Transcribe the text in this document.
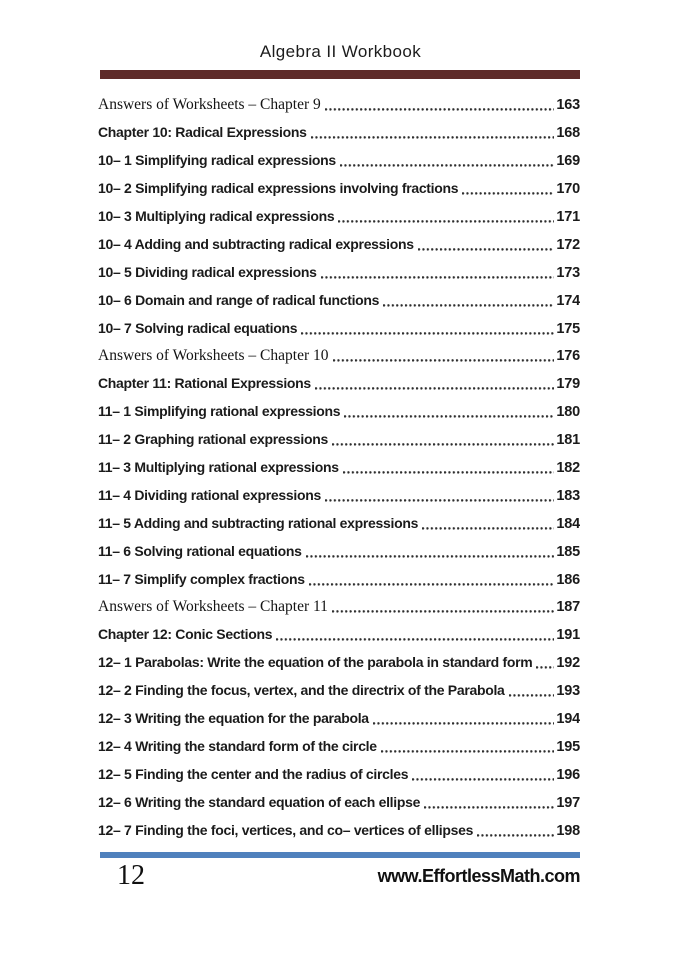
Algebra II Workbook
Answers of Worksheets – Chapter 9	163
Chapter 10: Radical Expressions	168
10– 1 Simplifying radical expressions	169
10– 2 Simplifying radical expressions involving fractions	170
10– 3 Multiplying radical expressions	171
10– 4 Adding and subtracting radical expressions	172
10– 5 Dividing radical expressions	173
10– 6 Domain and range of radical functions	174
10– 7 Solving radical equations	175
Answers of Worksheets – Chapter 10	176
Chapter 11: Rational Expressions	179
11– 1 Simplifying rational expressions	180
11– 2 Graphing rational expressions	181
11– 3 Multiplying rational expressions	182
11– 4 Dividing rational expressions	183
11– 5 Adding and subtracting rational expressions	184
11– 6 Solving rational equations	185
11– 7 Simplify complex fractions	186
Answers of Worksheets – Chapter 11	187
Chapter 12: Conic Sections	191
12– 1 Parabolas: Write the equation of the parabola in standard form 192
12– 2 Finding the focus, vertex, and the directrix of the Parabola	193
12– 3 Writing the equation for the parabola	194
12– 4 Writing the standard form of the circle	195
12– 5 Finding the center and the radius of circles	196
12– 6 Writing the standard equation of each ellipse	197
12– 7 Finding the foci, vertices, and co– vertices of ellipses	198
12	www.EffortlessMath.com
